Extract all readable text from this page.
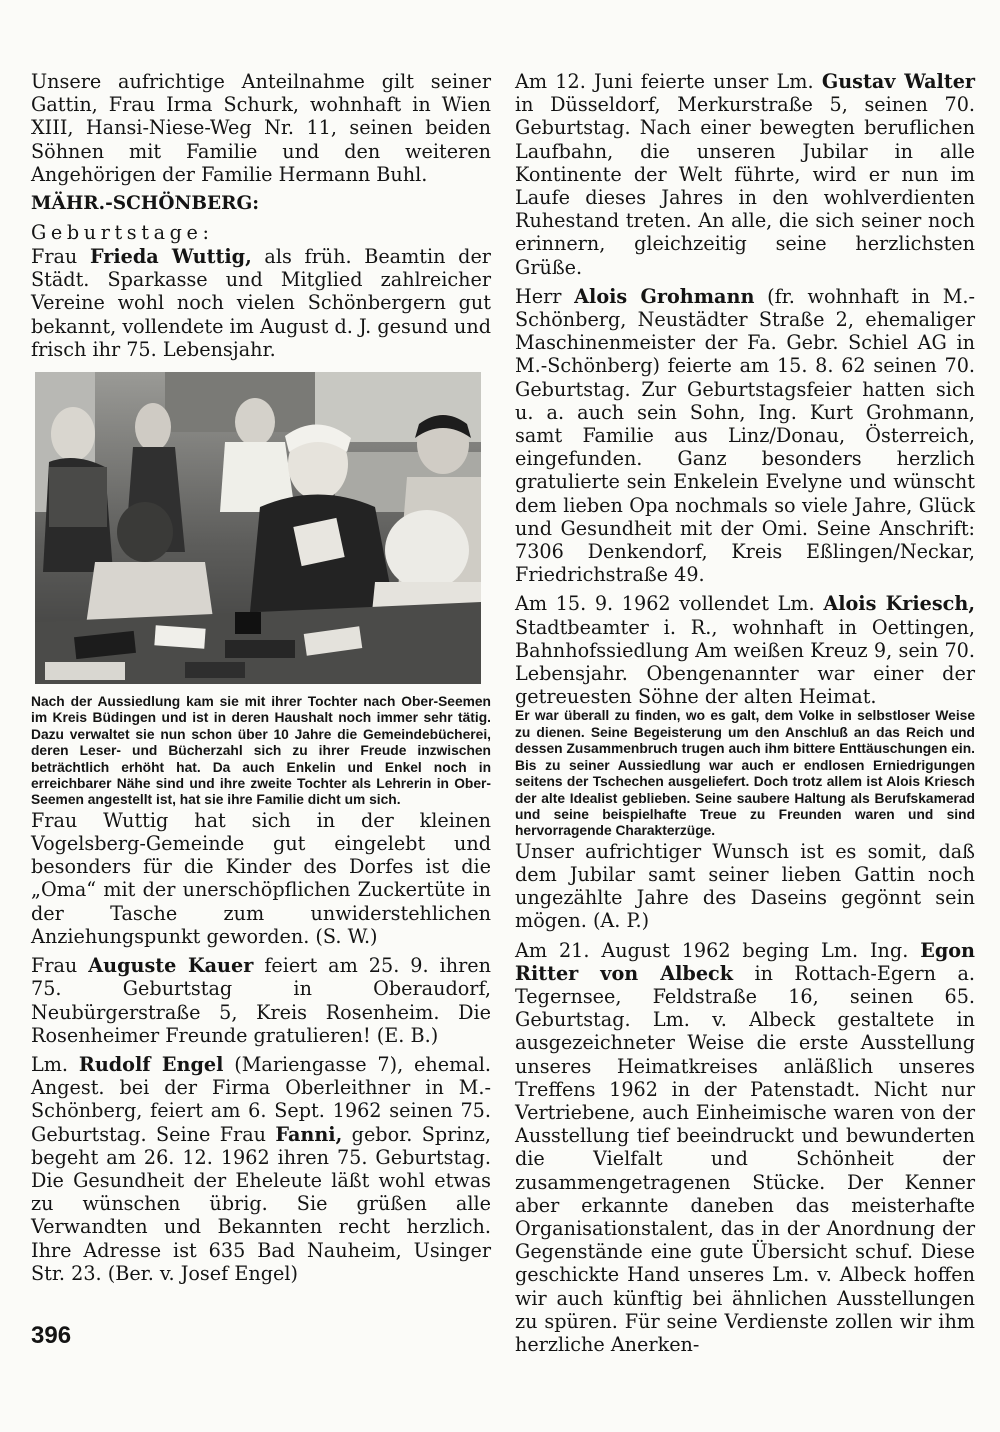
Unsere aufrichtige Anteilnahme gilt seiner Gattin, Frau Irma Schurk, wohnhaft in Wien XIII, Hansi-Niese-Weg Nr. 11, seinen beiden Söhnen mit Familie und den weiteren Angehörigen der Familie Hermann Buhl.

MÄHR.-SCHÖNBERG:

Geburtstage:

Frau Frieda Wuttig, als früh. Beamtin der Städt. Sparkasse und Mitglied zahlreicher Vereine wohl noch vielen Schönbergern gut bekannt, vollendete im August d. J. gesund und frisch ihr 75. Lebensjahr.

Nach der Aussiedlung kam sie mit ihrer Tochter nach Ober-Seemen im Kreis Büdingen und ist in deren Haushalt noch immer sehr tätig. Dazu verwaltet sie nun schon über 10 Jahre die Gemeindebücherei, deren Leser- und Bücherzahl sich zu ihrer Freude inzwischen beträchtlich erhöht hat. Da auch Enkelin und Enkel noch in erreichbarer Nähe sind und ihre zweite Tochter als Lehrerin in Ober-Seemen angestellt ist, hat sie ihre Familie dicht um sich.

Frau Wuttig hat sich in der kleinen Vogelsberg-Gemeinde gut eingelebt und besonders für die Kinder des Dorfes ist die „Oma“ mit der unerschöpflichen Zuckertüte in der Tasche zum unwiderstehlichen Anziehungspunkt geworden. (S. W.)

Frau Auguste Kauer feiert am 25. 9. ihren 75. Geburtstag in Oberaudorf, Neubürgerstraße 5, Kreis Rosenheim. Die Rosenheimer Freunde gratulieren! (E. B.)

Lm. Rudolf Engel (Mariengasse 7), ehemal. Angest. bei der Firma Oberleithner in M.-Schönberg, feiert am 6. Sept. 1962 seinen 75. Geburtstag. Seine Frau Fanni, gebor. Sprinz, begeht am 26. 12. 1962 ihren 75. Geburtstag. Die Gesundheit der Eheleute läßt wohl etwas zu wünschen übrig. Sie grüßen alle Verwandten und Bekannten recht herzlich. Ihre Adresse ist 635 Bad Nauheim, Usinger Str. 23. (Ber. v. Josef Engel)

Am 12. Juni feierte unser Lm. Gustav Walter in Düsseldorf, Merkurstraße 5, seinen 70. Geburtstag. Nach einer bewegten beruflichen Laufbahn, die unseren Jubilar in alle Kontinente der Welt führte, wird er nun im Laufe dieses Jahres in den wohlverdienten Ruhestand treten. An alle, die sich seiner noch erinnern, gleichzeitig seine herzlichsten Grüße.

Herr Alois Grohmann (fr. wohnhaft in M.-Schönberg, Neustädter Straße 2, ehemaliger Maschinenmeister der Fa. Gebr. Schiel AG in M.-Schönberg) feierte am 15. 8. 62 seinen 70. Geburtstag. Zur Geburtstagsfeier hatten sich u. a. auch sein Sohn, Ing. Kurt Grohmann, samt Familie aus Linz/Donau, Österreich, eingefunden. Ganz besonders herzlich gratulierte sein Enkelein Evelyne und wünscht dem lieben Opa nochmals so viele Jahre, Glück und Gesundheit mit der Omi. Seine Anschrift: 7306 Denkendorf, Kreis Eßlingen/Neckar, Friedrichstraße 49.

Am 15. 9. 1962 vollendet Lm. Alois Kriesch, Stadtbeamter i. R., wohnhaft in Oettingen, Bahnhofssiedlung Am weißen Kreuz 9, sein 70. Lebensjahr. Obengenannter war einer der getreuesten Söhne der alten Heimat.

Er war überall zu finden, wo es galt, dem Volke in selbstloser Weise zu dienen. Seine Begeisterung um den Anschluß an das Reich und dessen Zusammenbruch trugen auch ihm bittere Enttäuschungen ein. Bis zu seiner Aussiedlung war auch er endlosen Erniedrigungen seitens der Tschechen ausgeliefert. Doch trotz allem ist Alois Kriesch der alte Idealist geblieben. Seine saubere Haltung als Berufskamerad und seine beispielhafte Treue zu Freunden waren und sind hervorragende Charakterzüge.

Unser aufrichtiger Wunsch ist es somit, daß dem Jubilar samt seiner lieben Gattin noch ungezählte Jahre des Daseins gegönnt sein mögen. (A. P.)

Am 21. August 1962 beging Lm. Ing. Egon Ritter von Albeck in Rottach-Egern a. Tegernsee, Feldstraße 16, seinen 65. Geburtstag. Lm. v. Albeck gestaltete in ausgezeichneter Weise die erste Ausstellung unseres Heimatkreises anläßlich unseres Treffens 1962 in der Patenstadt. Nicht nur Vertriebene, auch Einheimische waren von der Ausstellung tief beeindruckt und bewunderten die Vielfalt und Schönheit der zusammengetragenen Stücke. Der Kenner aber erkannte daneben das meisterhafte Organisationstalent, das in der Anordnung der Gegenstände eine gute Übersicht schuf. Diese geschickte Hand unseres Lm. v. Albeck hoffen wir auch künftig bei ähnlichen Ausstellungen zu spüren. Für seine Verdienste zollen wir ihm herzliche Anerken-

396
